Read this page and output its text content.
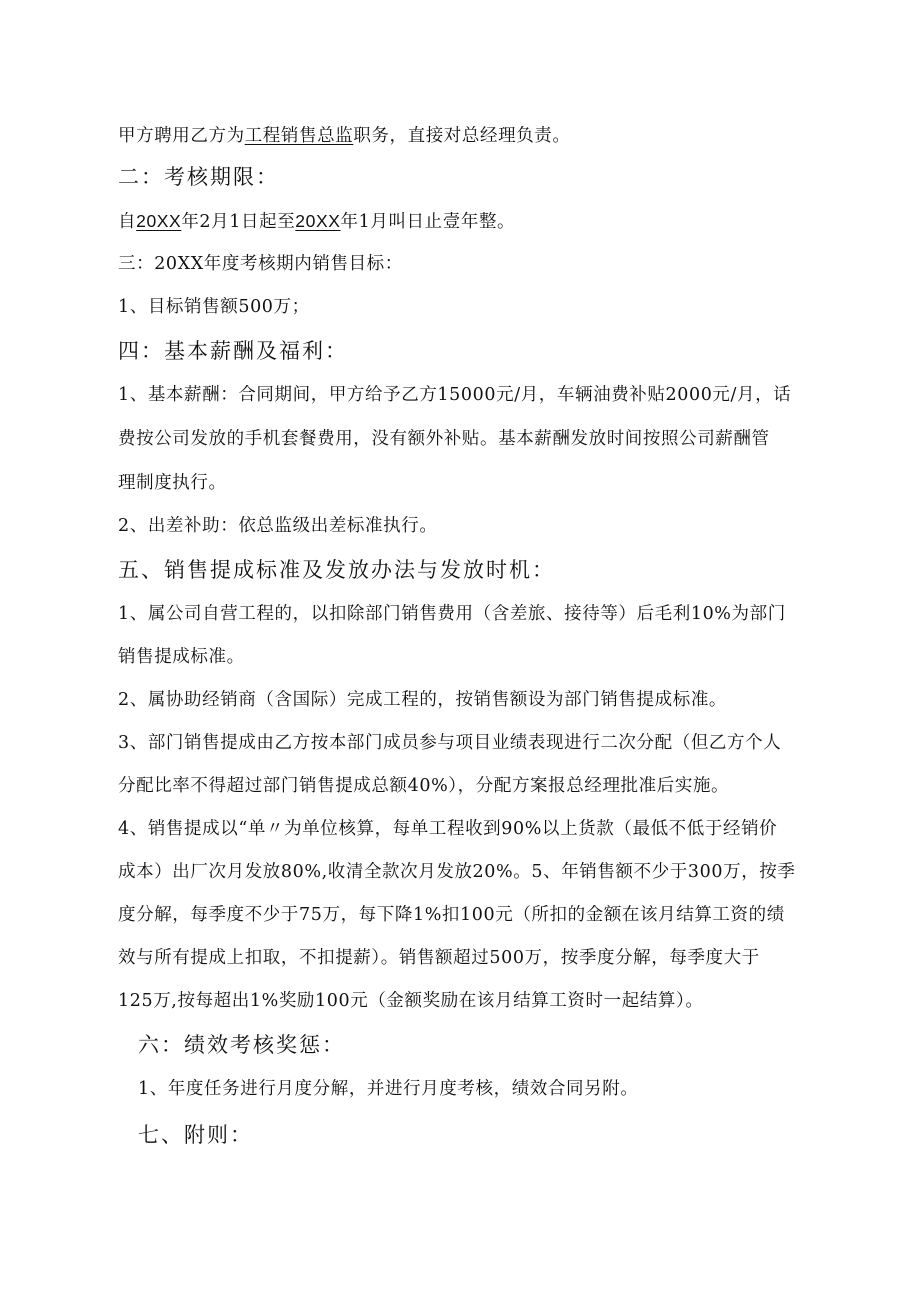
甲方聘用乙方为工程销售总监职务，直接对总经理负责。
二：考核期限：
自20XX年2月1日起至20XX年1月叫日止壹年整。
三：20XX年度考核期内销售目标：
1、目标销售额500万；
四：基本薪酬及福利：
1、基本薪酬：合同期间，甲方给予乙方15000元/月，车辆油费补贴2000元/月，话
费按公司发放的手机套餐费用，没有额外补贴。基本薪酬发放时间按照公司薪酬管
理制度执行。
2、出差补助：依总监级出差标准执行。
五、销售提成标准及发放办法与发放时机：
1、属公司自营工程的，以扣除部门销售费用（含差旅、接待等）后毛利10%为部门
销售提成标准。
2、属协助经销商（含国际）完成工程的，按销售额设为部门销售提成标准。
3、部门销售提成由乙方按本部门成员参与项目业绩表现进行二次分配（但乙方个人
分配比率不得超过部门销售提成总额40%），分配方案报总经理批准后实施。
4、销售提成以“单〃为单位核算，每单工程收到90%以上货款（最低不低于经销价
成本）出厂次月发放80%,收清全款次月发放20%。5、年销售额不少于300万，按季
度分解，每季度不少于75万，每下降1%扣100元（所扣的金额在该月结算工资的绩
效与所有提成上扣取，不扣提薪）。销售额超过500万，按季度分解，每季度大于
125万,按每超出1%奖励100元（金额奖励在该月结算工资时一起结算）。
六：绩效考核奖惩：
1、年度任务进行月度分解，并进行月度考核，绩效合同另附。
七、附则：
